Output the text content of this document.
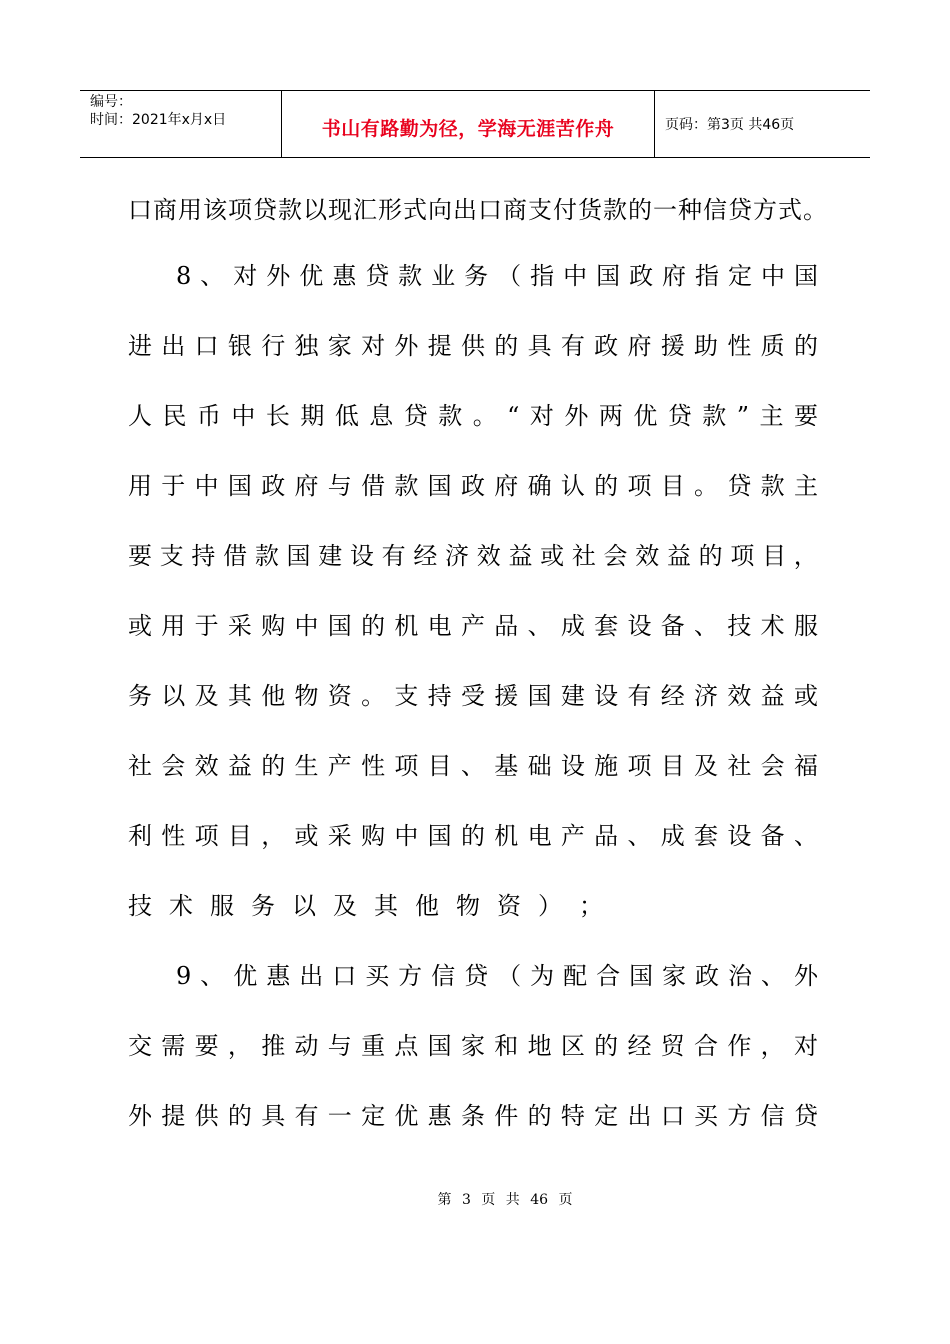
编号：
时间：2021年x月x日	书山有路勤为径，学海无涯苦作舟	页码：第3页 共46页
口商用该项贷款以现汇形式向出口商支付货款的一种信贷方式。
8 、 对 外 优 惠 贷 款 业 务 （ 指 中 国 政 府 指 定 中 国
进 出 口 银 行 独 家 对 外 提 供 的 具 有 政 府 援 助 性 质 的
人 民 币 中 长 期 低 息 贷 款 。 “ 对 外 两 优 贷 款 ” 主 要
用 于 中 国 政 府 与 借 款 国 政 府 确 认 的 项 目 。 贷 款 主
要 支 持 借 款 国 建 设 有 经 济 效 益 或 社 会 效 益 的 项 目 ，
或 用 于 采 购 中 国 的 机 电 产 品 、 成 套 设 备 、 技 术 服
务 以 及 其 他 物 资 。 支 持 受 援 国 建 设 有 经 济 效 益 或
社 会 效 益 的 生 产 性 项 目 、 基 础 设 施 项 目 及 社 会 福
利 性 项 目 ， 或 采 购 中 国 的 机 电 产 品 、 成 套 设 备 、
技 术 服 务 以 及 其 他 物 资 ） ；
9 、 优 惠 出 口 买 方 信 贷 （ 为 配 合 国 家 政 治 、 外
交 需 要 ， 推 动 与 重 点 国 家 和 地 区 的 经 贸 合 作 ， 对
外 提 供 的 具 有 一 定 优 惠 条 件 的 特 定 出 口 买 方 信 贷
第 3 页 共 46 页
